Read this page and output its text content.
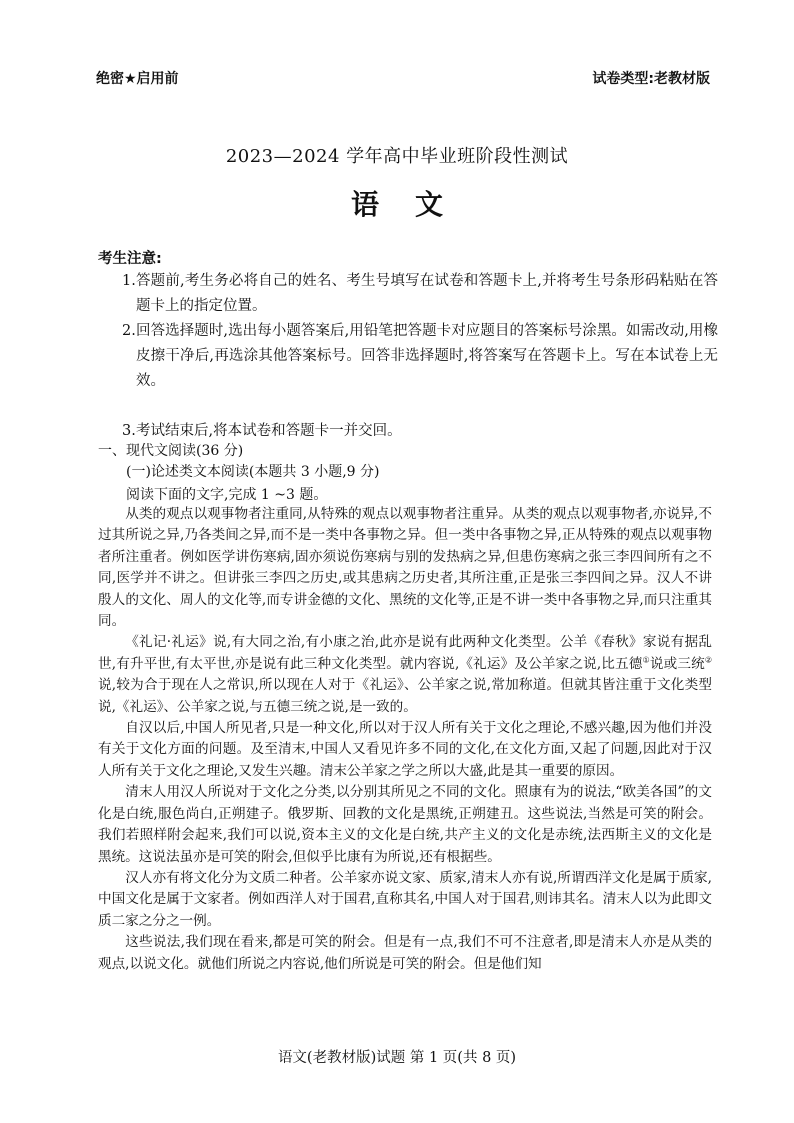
绝密★启用前	试卷类型:老教材版
2023—2024 学年高中毕业班阶段性测试
语文
考生注意:
1. 答题前,考生务必将自己的姓名、考生号填写在试卷和答题卡上,并将考生号条形码粘贴在答题卡上的指定位置。
2. 回答选择题时,选出每小题答案后,用铅笔把答题卡对应题目的答案标号涂黑。如需改动,用橡皮擦干净后,再选涂其他答案标号。回答非选择题时,将答案写在答题卡上。写在本试卷上无效。
3. 考试结束后,将本试卷和答题卡一并交回。
一、现代文阅读(36 分)
(一)论述类文本阅读(本题共 3 小题,9 分)
阅读下面的文字,完成 1 ~3 题。

从类的观点以观事物者注重同,从特殊的观点以观事物者注重异。从类的观点以观事物者,亦说异,不过其所说之异,乃各类间之异,而不是一类中各事物之异。但一类中各事物之异,正从特殊的观点以观事物者所注重者。例如医学讲伤寒病,固亦须说伤寒病与别的发热病之异,但患伤寒病之张三李四间所有之不同,医学并不讲之。但讲张三李四之历史,或其患病之历史者,其所注重,正是张三李四间之异。汉人不讲殷人的文化、周人的文化等,而专讲金德的文化、黑统的文化等,正是不讲一类中各事物之异,而只注重其同。

《礼记·礼运》说,有大同之治,有小康之治,此亦是说有此两种文化类型。公羊《春秋》家说有据乱世,有升平世,有太平世,亦是说有此三种文化类型。就内容说,《礼运》及公羊家之说,比五德①说或三统②说,较为合于现在人之常识,所以现在人对于《礼运》、公羊家之说,常加称道。但就其皆注重于文化类型说,《礼运》、公羊家之说,与五德三统之说,是一致的。

自汉以后,中国人所见者,只是一种文化,所以对于汉人所有关于文化之理论,不感兴趣,因为他们并没有关于文化方面的问题。及至清末,中国人又看见许多不同的文化,在文化方面,又起了问题,因此对于汉人所有关于文化之理论,又发生兴趣。清末公羊家之学之所以大盛,此是其一重要的原因。

清末人用汉人所说对于文化之分类,以分别其所见之不同的文化。照康有为的说法,“欧美各国”的文化是白统,服色尚白,正朔建子。俄罗斯、回教的文化是黑统,正朔建丑。这些说法,当然是可笑的附会。我们若照样附会起来,我们可以说,资本主义的文化是白统,共产主义的文化是赤统,法西斯主义的文化是黑统。这说法虽亦是可笑的附会,但似乎比康有为所说,还有根据些。

汉人亦有将文化分为文质二种者。公羊家亦说文家、质家,清末人亦有说,所谓西洋文化是属于质家,中国文化是属于文家者。例如西洋人对于国君,直称其名,中国人对于国君,则讳其名。清末人以为此即文质二家之分之一例。

这些说法,我们现在看来,都是可笑的附会。但是有一点,我们不可不注意者,即是清末人亦是从类的观点,以说文化。就他们所说之内容说,他们所说是可笑的附会。但是他们知

语文(老教材版)试题 第 1 页(共 8 页)
